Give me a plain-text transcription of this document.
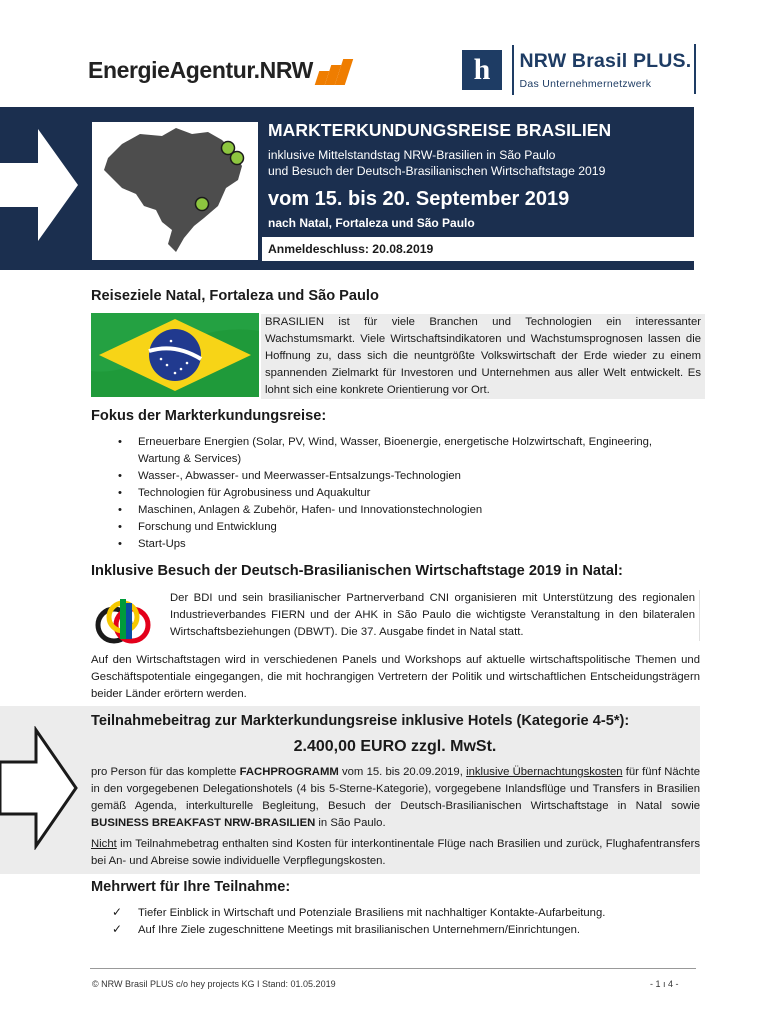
EnergieAgentur.NRW	h	NRW Brasil PLUS.
Das Unternehmernetzwerk
MARKTERKUNDUNGSREISE BRASILIEN
inklusive Mittelstandstag NRW-Brasilien in São Paulo
und Besuch der Deutsch-Brasilianischen Wirtschaftstage 2019
vom 15. bis 20. September 2019
nach Natal, Fortaleza und São Paulo
Anmeldeschluss: 20.08.2019
Reiseziele Natal, Fortaleza und São Paulo
BRASILIEN ist für viele Branchen und Technologien ein interessanter Wachstumsmarkt. Viele Wirtschaftsindikatoren und Wachstumsprognosen lassen die Hoffnung zu, dass sich die neuntgrößte Volkswirtschaft der Erde wieder zu einem spannenden Zielmarkt für Investoren und Unternehmen aus aller Welt entwickelt. Es lohnt sich eine konkrete Orientierung vor Ort.
Fokus der Markterkundungsreise:
• Erneuerbare Energien (Solar, PV, Wind, Wasser, Bioenergie, energetische Holzwirtschaft, Engineering, Wartung & Services)
• Wasser-, Abwasser- und Meerwasser-Entsalzungs-Technologien
• Technologien für Agrobusiness und Aquakultur
• Maschinen, Anlagen & Zubehör, Hafen- und Innovationstechnologien
• Forschung und Entwicklung
• Start-Ups
Inklusive Besuch der Deutsch-Brasilianischen Wirtschaftstage 2019 in Natal:
Der BDI und sein brasilianischer Partnerverband CNI organisieren mit Unterstützung des regionalen Industrieverbandes FIERN und der AHK in São Paulo die wichtigste Veranstaltung in den bilateralen Wirtschaftsbeziehungen (DBWT). Die 37. Ausgabe findet in Natal statt.
Auf den Wirtschaftstagen wird in verschiedenen Panels und Workshops auf aktuelle wirtschaftspolitische Themen und Geschäftspotentiale eingegangen, die mit hochrangigen Vertretern der Politik und wirtschaftlichen Entscheidungsträgern beider Länder erörtern werden.
Teilnahmebeitrag zur Markterkundungsreise inklusive Hotels (Kategorie 4-5*):
2.400,00 EURO zzgl. MwSt.
pro Person für das komplette FACHPROGRAMM vom 15. bis 20.09.2019, inklusive Übernachtungskosten für fünf Nächte in den vorgegebenen Delegationshotels (4 bis 5-Sterne-Kategorie), vorgegebene Inlandsflüge und Transfers in Brasilien gemäß Agenda, interkulturelle Begleitung, Besuch der Deutsch-Brasilianischen Wirtschaftstage in Natal sowie BUSINESS BREAKFAST NRW-BRASILIEN in São Paulo.
Nicht im Teilnahmebetrag enthalten sind Kosten für interkontinentale Flüge nach Brasilien und zurück, Flughafentransfers bei An- und Abreise sowie individuelle Verpflegungskosten.
Mehrwert für Ihre Teilnahme:
✓ Tiefer Einblick in Wirtschaft und Potenziale Brasiliens mit nachhaltiger Kontakte-Aufarbeitung.
✓ Auf Ihre Ziele zugeschnittene Meetings mit brasilianischen Unternehmern/Einrichtungen.
© NRW Brasil PLUS c/o hey projects KG I Stand: 01.05.2019	- 1 ı 4 -
